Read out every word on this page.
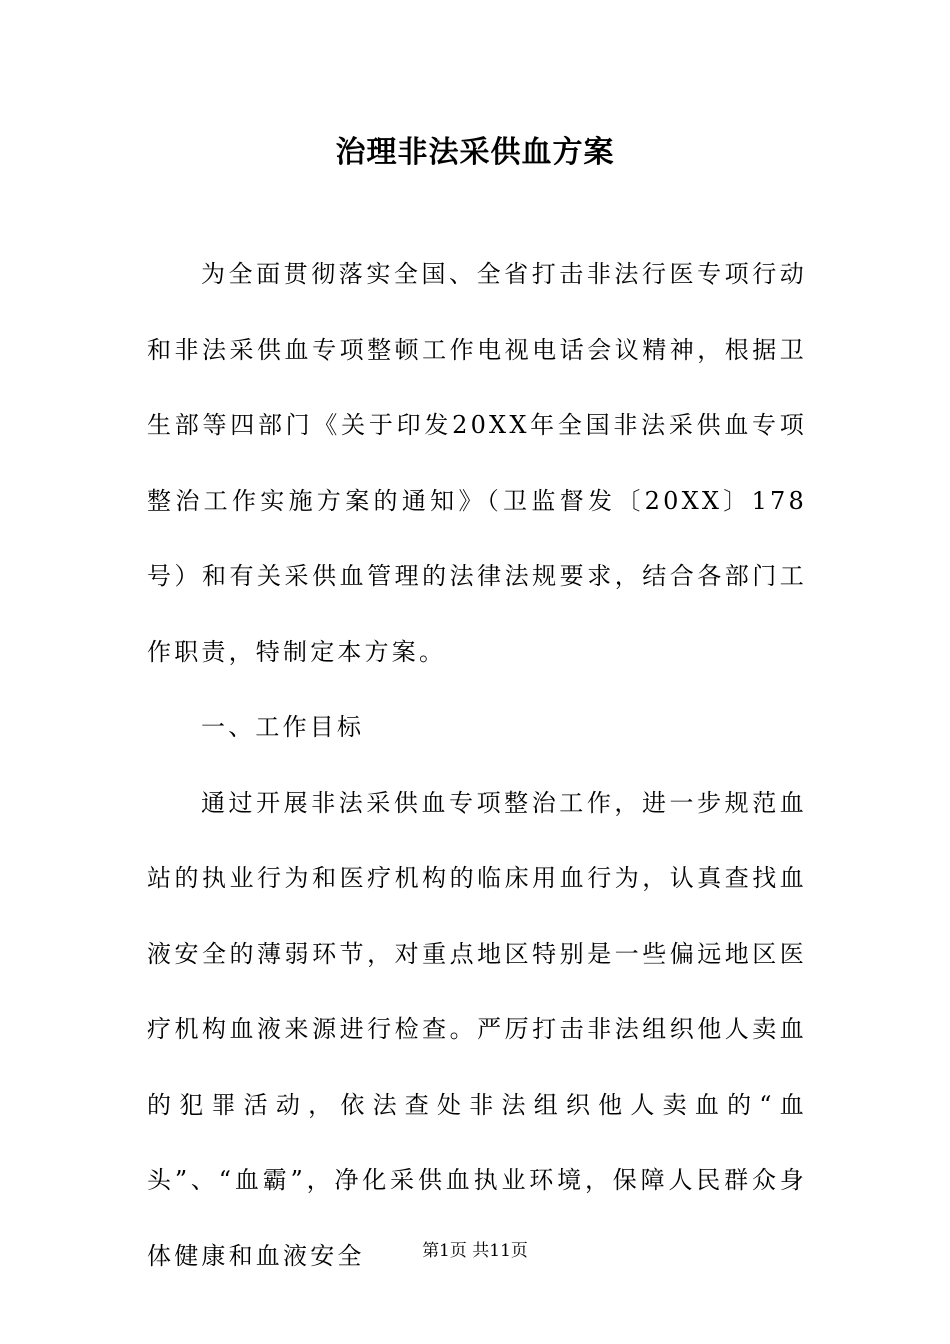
治理非法采供血方案

为全面贯彻落实全国、全省打击非法行医专项行动和非法采供血专项整顿工作电视电话会议精神，根据卫生部等四部门《关于印发20XX年全国非法采供血专项整治工作实施方案的通知》（卫监督发〔20XX〕178号）和有关采供血管理的法律法规要求，结合各部门工作职责，特制定本方案。

一、工作目标

通过开展非法采供血专项整治工作，进一步规范血站的执业行为和医疗机构的临床用血行为，认真查找血液安全的薄弱环节，对重点地区特别是一些偏远地区医疗机构血液来源进行检查。严厉打击非法组织他人卖血的犯罪活动，依法查处非法组织他人卖血的“血头”、“血霸”，净化采供血执业环境，保障人民群众身体健康和血液安全	第1页 共11页
